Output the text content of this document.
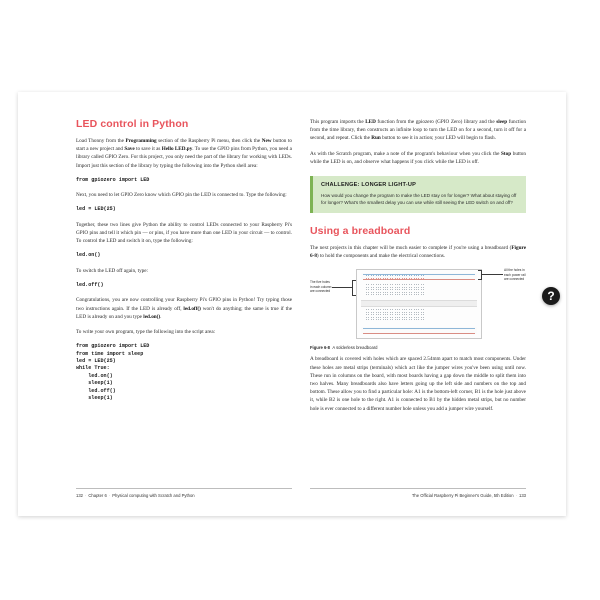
LED control in Python

Load Thonny from the Programming section of the Raspberry Pi menu, then click the New button to start a new project and Save to save it as Hello LED.py. To use the GPIO pins from Python, you need a library called GPIO Zero. For this project, you only need the part of the library for working with LEDs. Import just this section of the library by typing the following into the Python shell area:

from gpiozero import LED

Next, you need to let GPIO Zero know which GPIO pin the LED is connected to. Type the following:

led = LED(25)

Together, these two lines give Python the ability to control LEDs connected to your Raspberry Pi's GPIO pins and tell it which pin — or pins, if you have more than one LED in your circuit — to control. To control the LED and switch it on, type the following:

led.on()

To switch the LED off again, type:

led.off()

Congratulations, you are now controlling your Raspberry Pi's GPIO pins in Python! Try typing those two instructions again. If the LED is already off, led.off() won't do anything; the same is true if the LED is already on and you type led.on().

To write your own program, type the following into the script area:

from gpiozero import LED
from time import sleep
led = LED(25)
while True:
led.on()
sleep(1)
led.off()
sleep(1)

This program imports the LED function from the gpiozero (GPIO Zero) library and the sleep function from the time library, then constructs an infinite loop to turn the LED on for a second, turn it off for a second, and repeat. Click the Run button to see it in action; your LED will begin to flash.

As with the Scratch program, make a note of the program's behaviour when you click the Stop button while the LED is on, and observe what happens if you click while the LED is off.

CHALLENGE: LONGER LIGHT-UP

How would you change the program to make the LED stay on for longer? What about staying off for longer? What's the smallest delay you can use while still seeing the LED switch on and off?

Using a breadboard

The next projects in this chapter will be much easier to complete if you're using a breadboard (Figure 6-8) to hold the components and make the electrical connections.

All the holes in each power rail are connected
The five holes in each column are connected
Figure 6-8 A solderless breadboard

A breadboard is covered with holes which are spaced 2.54mm apart to match most components. Under these holes are metal strips (terminals) which act like the jumper wires you've been using until now. These run in columns on the board, with most boards having a gap down the middle to split them into two halves. Many breadboards also have letters going up the left side and numbers on the top and bottom. These allow you to find a particular hole: A1 is the bottom-left corner, B1 is the hole just above it, while B2 is one hole to the right. A1 is connected to B1 by the hidden metal strips, but no number hole is ever connected to a different number hole unless you add a jumper wire yourself.

132 · Chapter 6 · Physical computing with Scratch and Python	The Official Raspberry Pi Beginner's Guide, 5th Edition · 133
?
